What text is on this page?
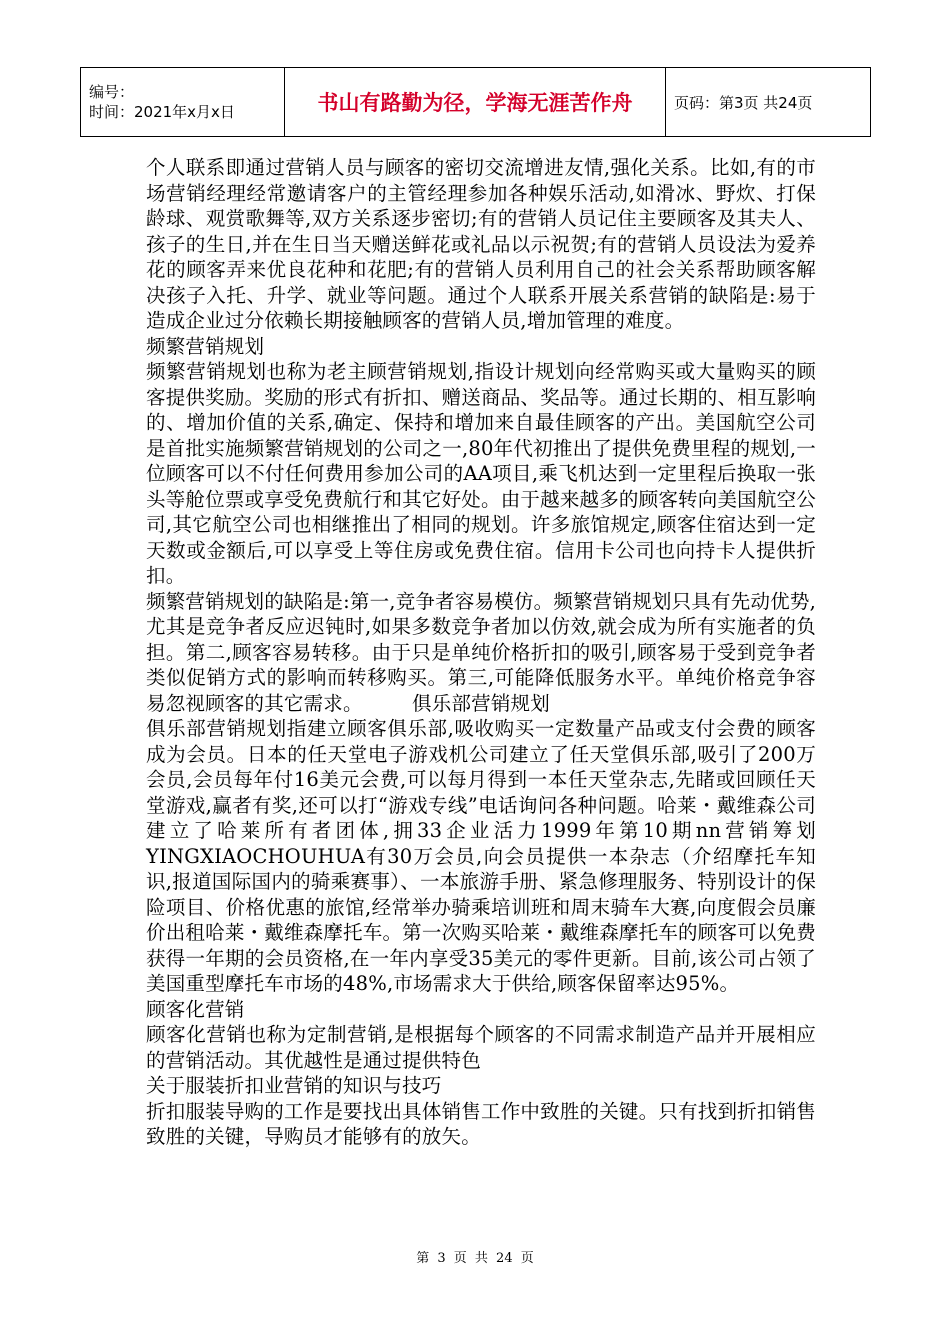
编号：
时间：2021年x月x日	书山有路勤为径，学海无涯苦作舟	页码：第3页 共24页

个人联系即通过营销人员与顾客的密切交流增进友情,强化关系。比如,有的市场营销经理经常邀请客户的主管经理参加各种娱乐活动,如滑冰、野炊、打保龄球、观赏歌舞等,双方关系逐步密切;有的营销人员记住主要顾客及其夫人、孩子的生日,并在生日当天赠送鲜花或礼品以示祝贺;有的营销人员设法为爱养花的顾客弄来优良花种和花肥;有的营销人员利用自己的社会关系帮助顾客解决孩子入托、升学、就业等问题。通过个人联系开展关系营销的缺陷是:易于造成企业过分依赖长期接触顾客的营销人员,增加管理的难度。

频繁营销规划

频繁营销规划也称为老主顾营销规划,指设计规划向经常购买或大量购买的顾客提供奖励。奖励的形式有折扣、赠送商品、奖品等。通过长期的、相互影响的、增加价值的关系,确定、保持和增加来自最佳顾客的产出。美国航空公司是首批实施频繁营销规划的公司之一,80年代初推出了提供免费里程的规划,一位顾客可以不付任何费用参加公司的AA项目,乘飞机达到一定里程后换取一张头等舱位票或享受免费航行和其它好处。由于越来越多的顾客转向美国航空公司,其它航空公司也相继推出了相同的规划。许多旅馆规定,顾客住宿达到一定天数或金额后,可以享受上等住房或免费住宿。信用卡公司也向持卡人提供折扣。

频繁营销规划的缺陷是:第一,竞争者容易模仿。频繁营销规划只具有先动优势,尤其是竞争者反应迟钝时,如果多数竞争者加以仿效,就会成为所有实施者的负担。第二,顾客容易转移。由于只是单纯价格折扣的吸引,顾客易于受到竞争者类似促销方式的影响而转移购买。第三,可能降低服务水平。单纯价格竞争容易忽视顾客的其它需求。　　　俱乐部营销规划

俱乐部营销规划指建立顾客俱乐部,吸收购买一定数量产品或支付会费的顾客成为会员。日本的任天堂电子游戏机公司建立了任天堂俱乐部,吸引了200万会员,会员每年付16美元会费,可以每月得到一本任天堂杂志,先睹或回顾任天堂游戏,赢者有奖,还可以打“游戏专线”电话询问各种问题。哈莱・戴维森公司建立了哈莱所有者团体,拥33企业活力1999年第10期nn营销筹划YINGXIAOCHOUHUA有30万会员,向会员提供一本杂志（介绍摩托车知识,报道国际国内的骑乘赛事）、一本旅游手册、紧急修理服务、特别设计的保险项目、价格优惠的旅馆,经常举办骑乘培训班和周末骑车大赛,向度假会员廉价出租哈莱・戴维森摩托车。第一次购买哈莱・戴维森摩托车的顾客可以免费获得一年期的会员资格,在一年内享受35美元的零件更新。目前,该公司占领了美国重型摩托车市场的48%,市场需求大于供给,顾客保留率达95%。

顾客化营销

顾客化营销也称为定制营销,是根据每个顾客的不同需求制造产品并开展相应的营销活动。其优越性是通过提供特色

关于服装折扣业营销的知识与技巧

折扣服装导购的工作是要找出具体销售工作中致胜的关键。只有找到折扣销售致胜的关键，导购员才能够有的放矢。

第 3 页 共 24 页
